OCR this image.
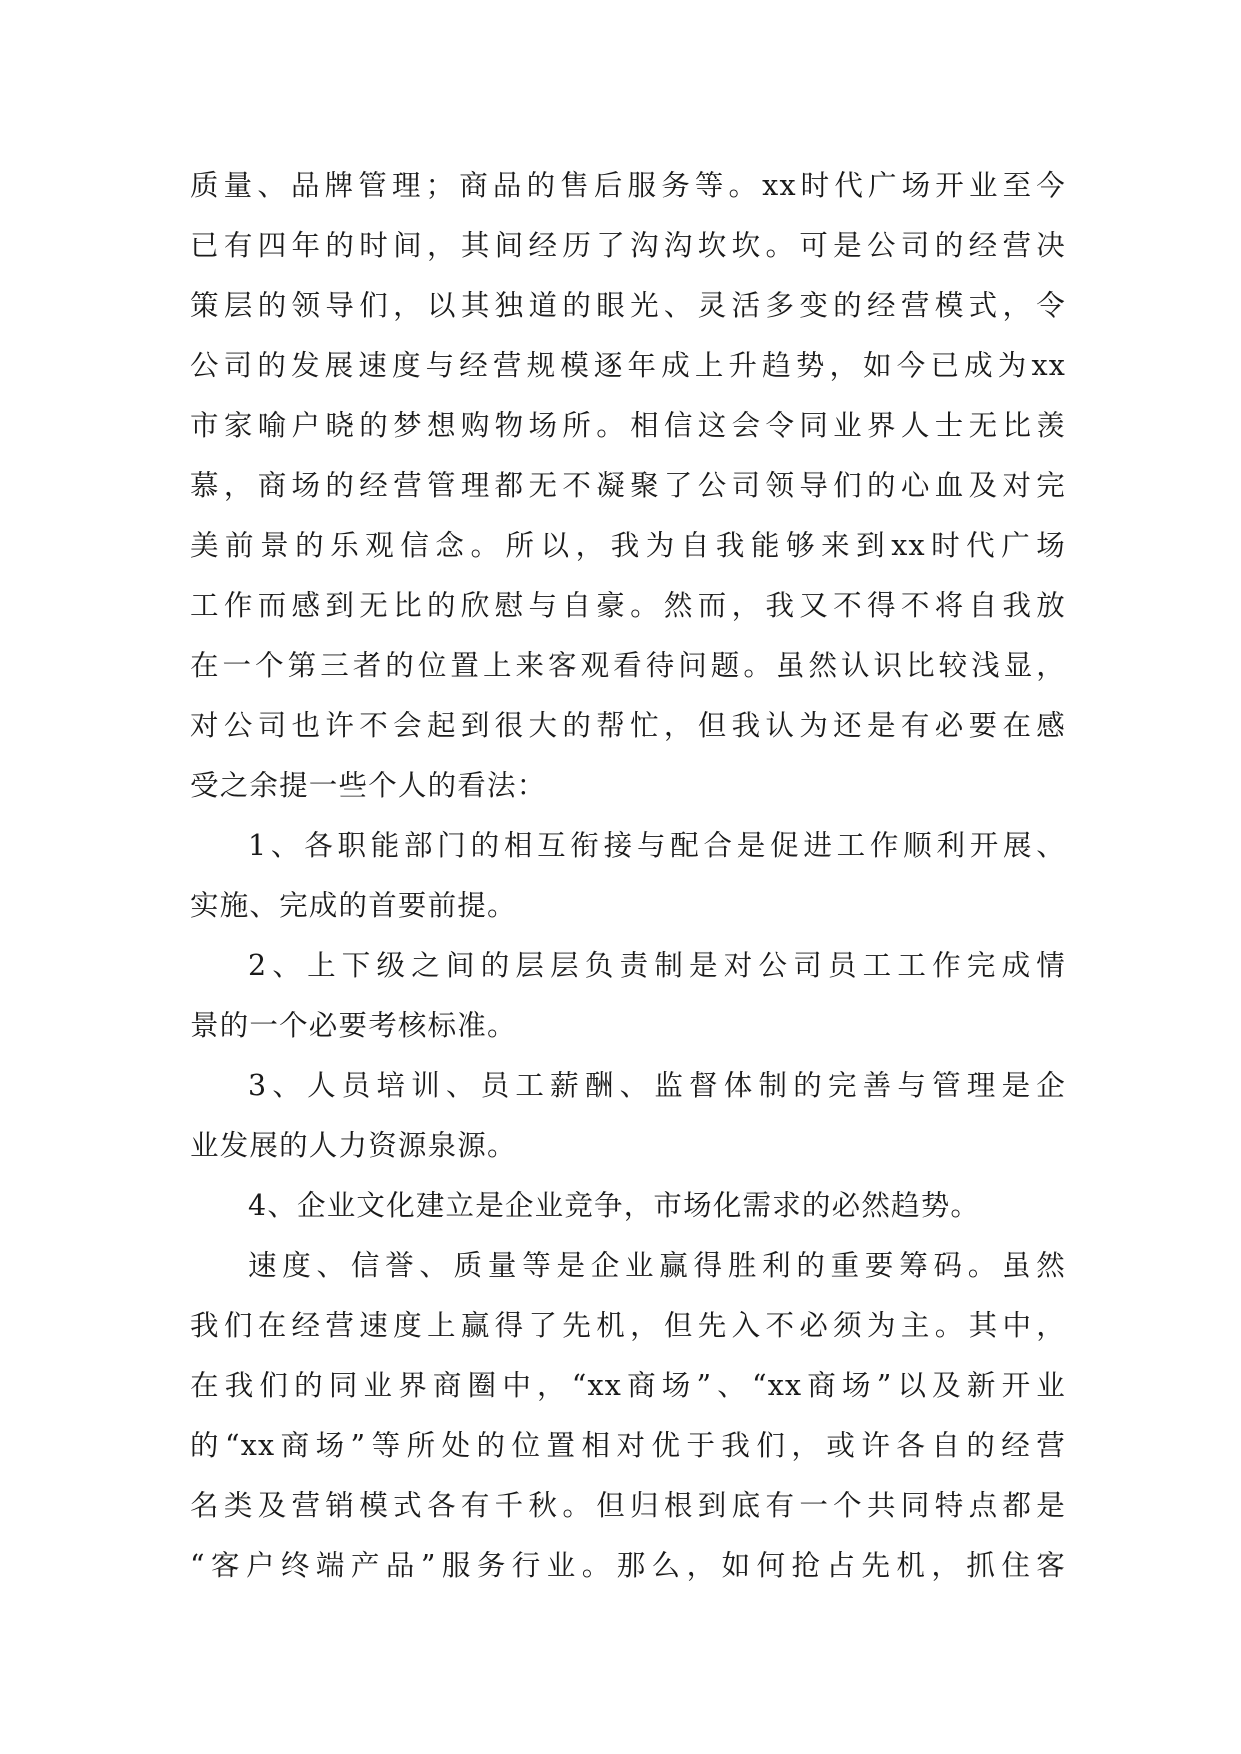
质量、品牌管理；商品的售后服务等。xx时代广场开业至今
已有四年的时间，其间经历了沟沟坎坎。可是公司的经营决
策层的领导们，以其独道的眼光、灵活多变的经营模式，令
公司的发展速度与经营规模逐年成上升趋势，如今已成为xx
市家喻户晓的梦想购物场所。相信这会令同业界人士无比羡
慕，商场的经营管理都无不凝聚了公司领导们的心血及对完
美前景的乐观信念。所以，我为自我能够来到xx时代广场
工作而感到无比的欣慰与自豪。然而，我又不得不将自我放
在一个第三者的位置上来客观看待问题。虽然认识比较浅显，
对公司也许不会起到很大的帮忙，但我认为还是有必要在感
受之余提一些个人的看法：

1、各职能部门的相互衔接与配合是促进工作顺利开展、
实施、完成的首要前提。

2、上下级之间的层层负责制是对公司员工工作完成情
景的一个必要考核标准。

3、人员培训、员工薪酬、监督体制的完善与管理是企
业发展的人力资源泉源。

4、企业文化建立是企业竞争，市场化需求的必然趋势。

速度、信誉、质量等是企业赢得胜利的重要筹码。虽然
我们在经营速度上赢得了先机，但先入不必须为主。其中，
在我们的同业界商圈中，“xx商场”、“xx商场”以及新开业
的“xx商场”等所处的位置相对优于我们，或许各自的经营
名类及营销模式各有千秋。但归根到底有一个共同特点都是
“客户终端产品”服务行业。那么，如何抢占先机，抓住客
